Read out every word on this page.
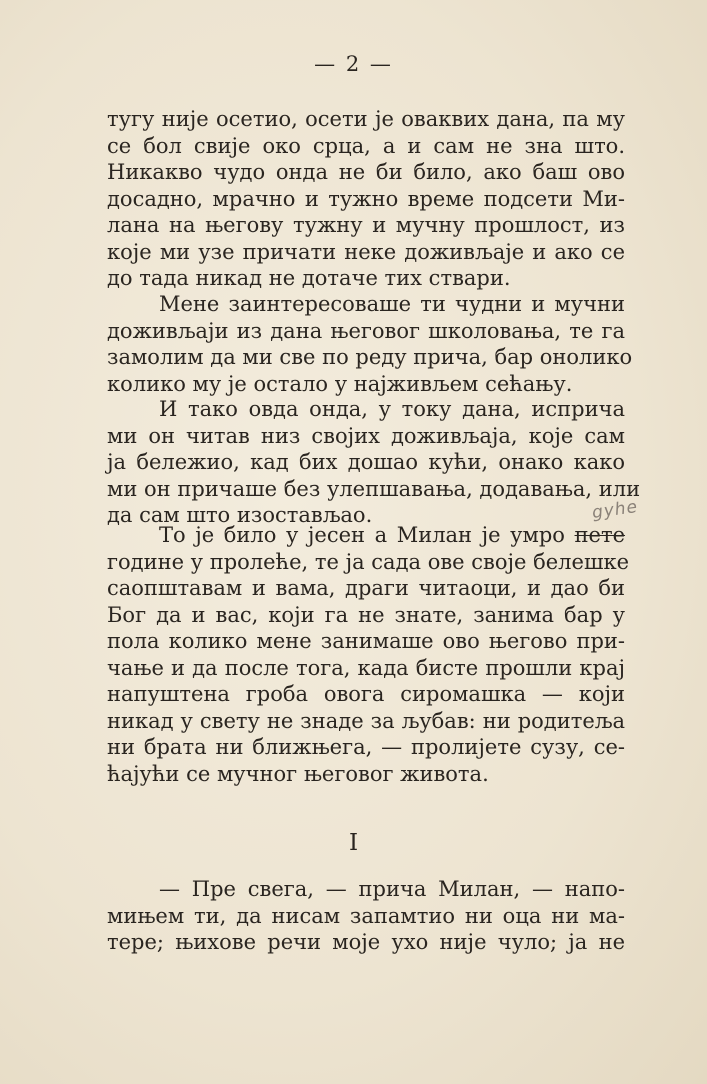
— 2 —
тугу није осетио, осети је оваквих дана, па му
се бол свије око срца, а и сам не зна што.
Никакво чудо онда не би било, ако баш ово
досадно, мрачно и тужно време подсети Ми-
лана на његову тужну и мучну прошлост, из
које ми узе причати неке доживљаје и ако се
до тада никад не дотаче тих ствари.
Мене заинтересоваше ти чудни и мучни
доживљаји из дана његовог школовања, те га
замолим да ми све по реду прича, бар онолико
колико му је остало у најживљем сећању.
И тако овда онда, у току дана, исприча
ми он читав низ својих доживљаја, које сам
ја бележио, кад бих дошао кући, онако како
ми он причаше без улепшавања, додавања, или
да сам што изостављао.
То је било у јесен а Милан је умро пете
године у пролеће, те ја сада ове своје белешке
саопштавам и вама, драги читаоци, и дао би
Бог да и вас, који га не знате, занима бар у
пола колико мене занимаше ово његово при-
чање и да после тога, када бисте прошли крај
напуштена гроба овога сиромашка — који
никад у свету не знаде за љубав: ни родитеља
ни брата ни ближњега, — пролијете сузу, се-
ћајући се мучног његовог живота.
gyhe
I
— Пре свега, — прича Милан, — напо-
мињем ти, да нисам запамтио ни оца ни ма-
тере; њихове речи моје ухо није чуло; ја не
